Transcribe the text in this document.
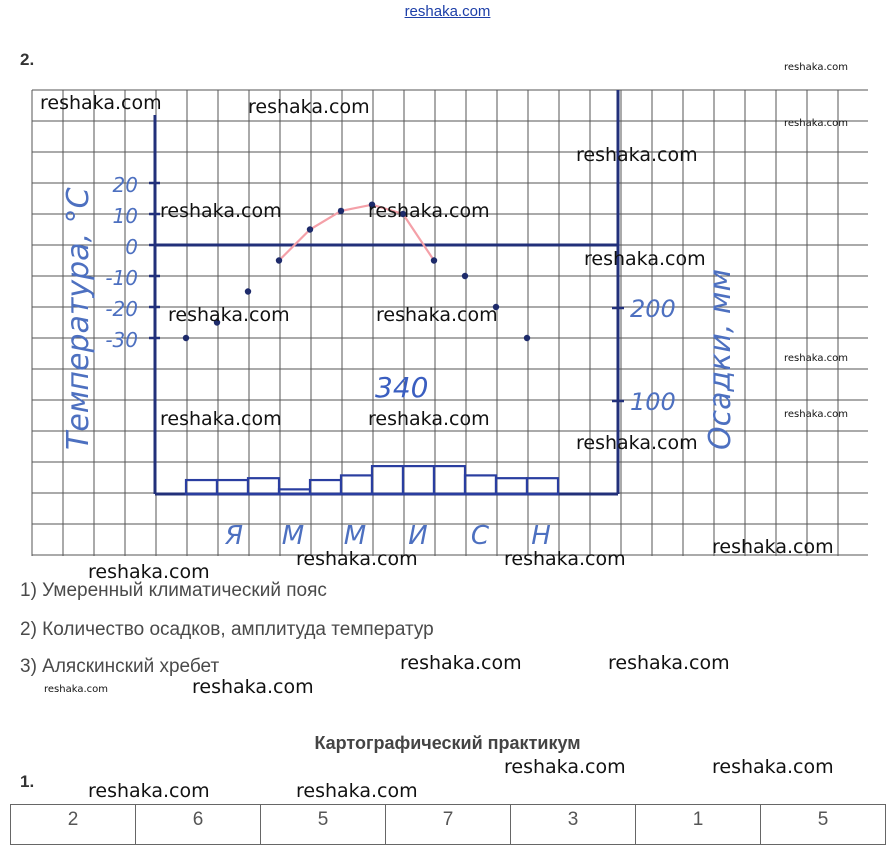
reshaka.com
2.
Температура, °С	Осадки, мм
340
20
10
0
-10
-20
-30
200
100
Я М М И С Н
reshaka.com	reshaka.com
reshaka.com
reshaka.com
reshaka.com
reshaka.com	reshaka.com
reshaka.com
reshaka.com	reshaka.com
reshaka.com
reshaka.com
reshaka.com	reshaka.com
reshaka.com
reshaka.com
reshaka.com	reshaka.com
reshaka.com
reshaka.com	reshaka.com
reshaka.com	reshaka.com
reshaka.com	reshaka.com
reshaka.com	reshaka.com
1) Умеренный климатический пояс
2) Количество осадков, амплитуда температур
3) Аляскинский хребет
Картографический практикум
1.
2	6	5	7	3	1	5
